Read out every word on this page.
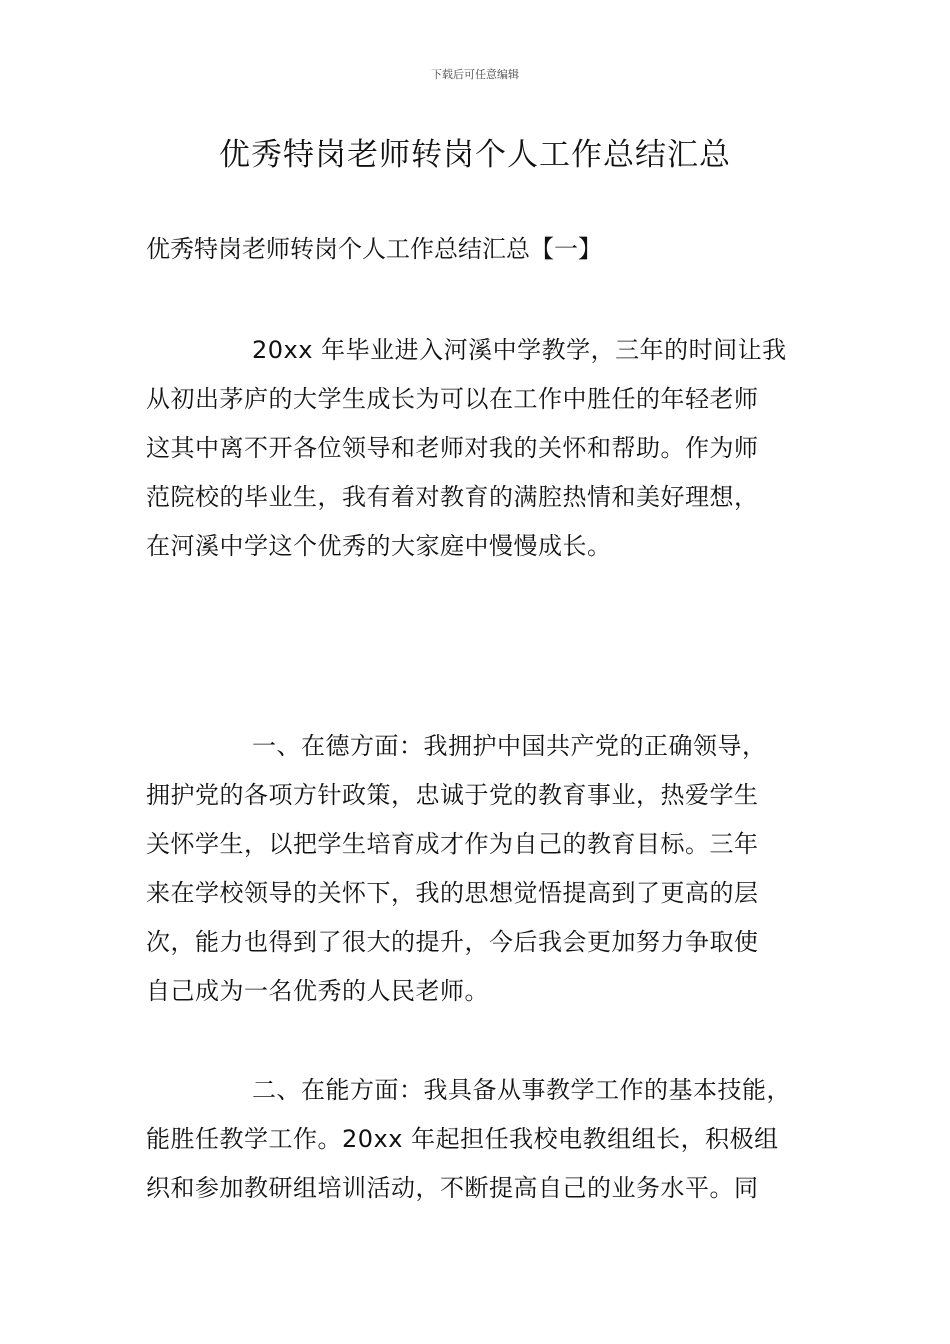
下载后可任意编辑
优秀特岗老师转岗个人工作总结汇总
优秀特岗老师转岗个人工作总结汇总【一】
20xx 年毕业进入河溪中学教学，三年的时间让我
从初出茅庐的大学生成长为可以在工作中胜任的年轻老师
这其中离不开各位领导和老师对我的关怀和帮助。作为师
范院校的毕业生，我有着对教育的满腔热情和美好理想，
在河溪中学这个优秀的大家庭中慢慢成长。
一、在德方面：我拥护中国共产党的正确领导，
拥护党的各项方针政策，忠诚于党的教育事业，热爱学生
关怀学生，以把学生培育成才作为自己的教育目标。三年
来在学校领导的关怀下，我的思想觉悟提高到了更高的层
次，能力也得到了很大的提升，今后我会更加努力争取使
自己成为一名优秀的人民老师。
二、在能方面：我具备从事教学工作的基本技能，
能胜任教学工作。20xx 年起担任我校电教组组长，积极组
织和参加教研组培训活动，不断提高自己的业务水平。同
